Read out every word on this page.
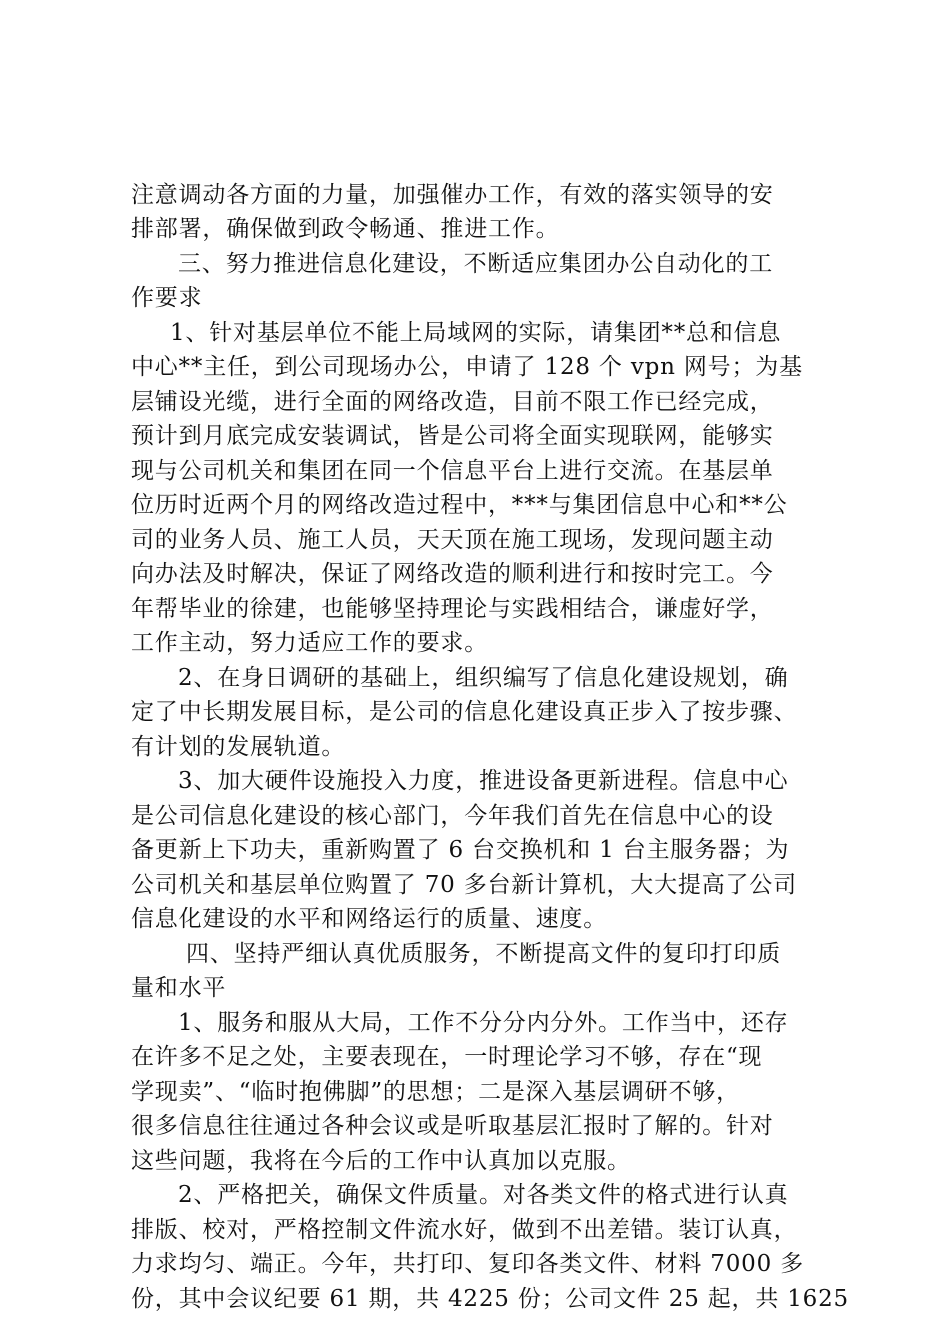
注意调动各方面的力量，加强催办工作，有效的落实领导的安
排部署，确保做到政令畅通、推进工作。
三、努力推进信息化建设，不断适应集团办公自动化的工
作要求
1、针对基层单位不能上局域网的实际，请集团**总和信息
中心**主任，到公司现场办公，申请了 128 个 vpn 网号；为基
层铺设光缆，进行全面的网络改造，目前不限工作已经完成，
预计到月底完成安装调试，皆是公司将全面实现联网，能够实
现与公司机关和集团在同一个信息平台上进行交流。在基层单
位历时近两个月的网络改造过程中，***与集团信息中心和**公
司的业务人员、施工人员，天天顶在施工现场，发现问题主动
向办法及时解决，保证了网络改造的顺利进行和按时完工。今
年帮毕业的徐建，也能够坚持理论与实践相结合，谦虚好学，
工作主动，努力适应工作的要求。
2、在身日调研的基础上，组织编写了信息化建设规划，确
定了中长期发展目标，是公司的信息化建设真正步入了按步骤、
有计划的发展轨道。
3、加大硬件设施投入力度，推进设备更新进程。信息中心
是公司信息化建设的核心部门，今年我们首先在信息中心的设
备更新上下功夫，重新购置了 6 台交换机和 1 台主服务器；为
公司机关和基层单位购置了 70 多台新计算机，大大提高了公司
信息化建设的水平和网络运行的质量、速度。
四、坚持严细认真优质服务，不断提高文件的复印打印质
量和水平
1、服务和服从大局，工作不分分内分外。工作当中，还存
在许多不足之处，主要表现在，一时理论学习不够，存在“现
学现卖”、“临时抱佛脚”的思想；二是深入基层调研不够，
很多信息往往通过各种会议或是听取基层汇报时了解的。针对
这些问题，我将在今后的工作中认真加以克服。
2、严格把关，确保文件质量。对各类文件的格式进行认真
排版、校对，严格控制文件流水好，做到不出差错。装订认真，
力求均匀、端正。今年，共打印、复印各类文件、材料 7000 多
份，其中会议纪要 61 期，共 4225 份；公司文件 25 起，共 1625
